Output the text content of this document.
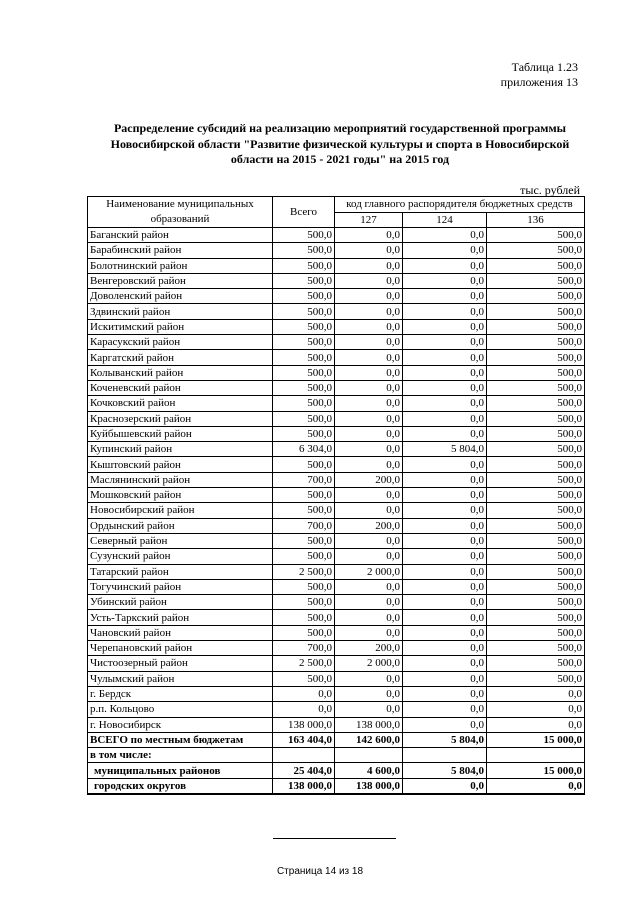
Таблица 1.23
приложения 13
Распределение субсидий на реализацию мероприятий государственной программы
Новосибирской области "Развитие физической культуры и спорта в Новосибирской
области на 2015 - 2021 годы" на 2015 год
тыс. рублей
Наименование муниципальных образований	Всего	код главного распорядителя бюджетных средств		
		127	124	136
Баганский район	500,0	0,0	0,0	500,0
Барабинский район	500,0	0,0	0,0	500,0
Болотнинский район	500,0	0,0	0,0	500,0
Венгеровский район	500,0	0,0	0,0	500,0
Доволенский район	500,0	0,0	0,0	500,0
Здвинский район	500,0	0,0	0,0	500,0
Искитимский район	500,0	0,0	0,0	500,0
Карасукский район	500,0	0,0	0,0	500,0
Каргатский район	500,0	0,0	0,0	500,0
Колыванский район	500,0	0,0	0,0	500,0
Коченевский район	500,0	0,0	0,0	500,0
Кочковский район	500,0	0,0	0,0	500,0
Краснозерский район	500,0	0,0	0,0	500,0
Куйбышевский район	500,0	0,0	0,0	500,0
Купинский район	6 304,0	0,0	5 804,0	500,0
Кыштовский район	500,0	0,0	0,0	500,0
Маслянинский район	700,0	200,0	0,0	500,0
Мошковский район	500,0	0,0	0,0	500,0
Новосибирский район	500,0	0,0	0,0	500,0
Ордынский район	700,0	200,0	0,0	500,0
Северный район	500,0	0,0	0,0	500,0
Сузунский район	500,0	0,0	0,0	500,0
Татарский район	2 500,0	2 000,0	0,0	500,0
Тогучинский район	500,0	0,0	0,0	500,0
Убинский район	500,0	0,0	0,0	500,0
Усть-Таркский район	500,0	0,0	0,0	500,0
Чановский район	500,0	0,0	0,0	500,0
Черепановский район	700,0	200,0	0,0	500,0
Чистоозерный район	2 500,0	2 000,0	0,0	500,0
Чулымский район	500,0	0,0	0,0	500,0
г. Бердск	0,0	0,0	0,0	0,0
р.п. Кольцово	0,0	0,0	0,0	0,0
г. Новосибирск	138 000,0	138 000,0	0,0	0,0
ВСЕГО по местным бюджетам	163 404,0	142 600,0	5 804,0	15 000,0
в том числе:				
муниципальных районов	25 404,0	4 600,0	5 804,0	15 000,0
городских округов	138 000,0	138 000,0	0,0	0,0
Страница 14 из 18
